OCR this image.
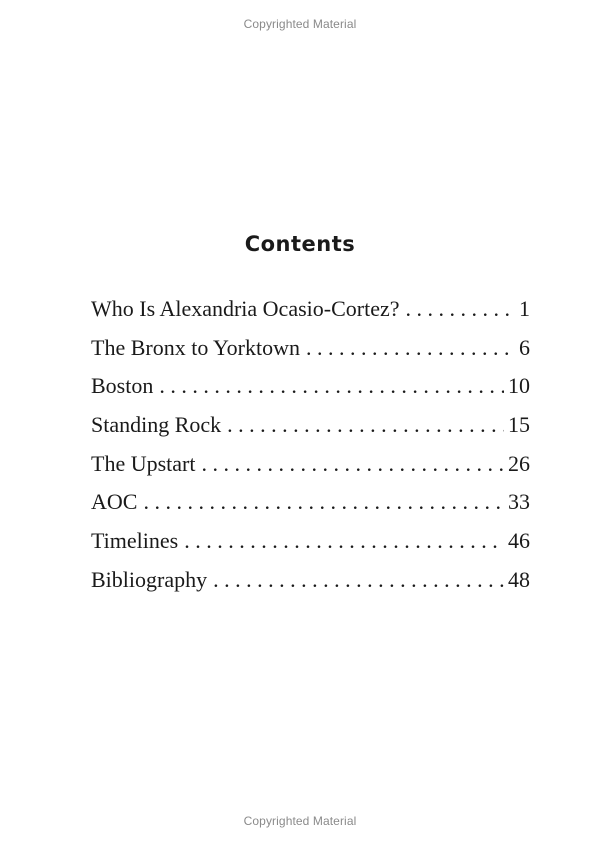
Copyrighted Material
Contents
Who Is Alexandria Ocasio-Cortez? . . .	1
The Bronx to Yorktown . . .	6
Boston . . .	10
Standing Rock . . .	15
The Upstart . . .	26
AOC . . .	33
Timelines . . .	46
Bibliography . . .	48
Copyrighted Material
